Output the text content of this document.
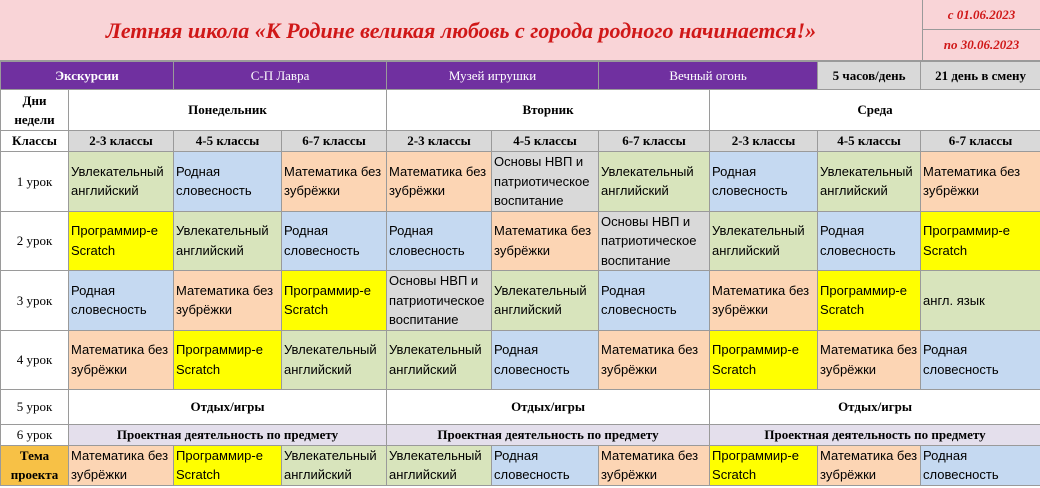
Летняя школа «К Родине великая любовь с города родного начинается!»
с 01.06.2023
по 30.06.2023
Экскурсии		С-П Лавра		Музей игрушки		Вечный огонь		5 часов/день	21 день в смену
Дни недели	Понедельник			Вторник			Среда		
Классы	2-3 классы	4-5 классы	6-7 классы	2-3 классы	4-5 классы	6-7 классы	2-3 классы	4-5 классы	6-7 классы
1 урок	Увлекательный английский	Родная словесность	Математика без зубрёжки	Математика без зубрёжки	Основы НВП и патриотическое воспитание	Увлекательный английский	Родная словесность	Увлекательный английский	Математика без зубрёжки
2 урок	Программир-е Scratch	Увлекательный английский	Родная словесность	Родная словесность	Математика без зубрёжки	Основы НВП и патриотическое воспитание	Увлекательный английский	Родная словесность	Программир-е Scratch
3 урок	Родная словесность	Математика без зубрёжки	Программир-е Scratch	Основы НВП и патриотическое воспитание	Увлекательный английский	Родная словесность	Математика без зубрёжки	Программир-е Scratch	англ. язык
4 урок	Математика без зубрёжки	Программир-е Scratch	Увлекательный английский	Увлекательный английский	Родная словесность	Математика без зубрёжки	Программир-е Scratch	Математика без зубрёжки	Родная словесность
5 урок	Отдых/игры			Отдых/игры			Отдых/игры		
6 урок	Проектная деятельность по предмету			Проектная деятельность по предмету			Проектная деятельность по предмету		
Тема проекта	Математика без зубрёжки	Программир-е Scratch	Увлекательный английский	Увлекательный английский	Родная словесность	Математика без зубрёжки	Программир-е Scratch	Математика без зубрёжки	Родная словесность
